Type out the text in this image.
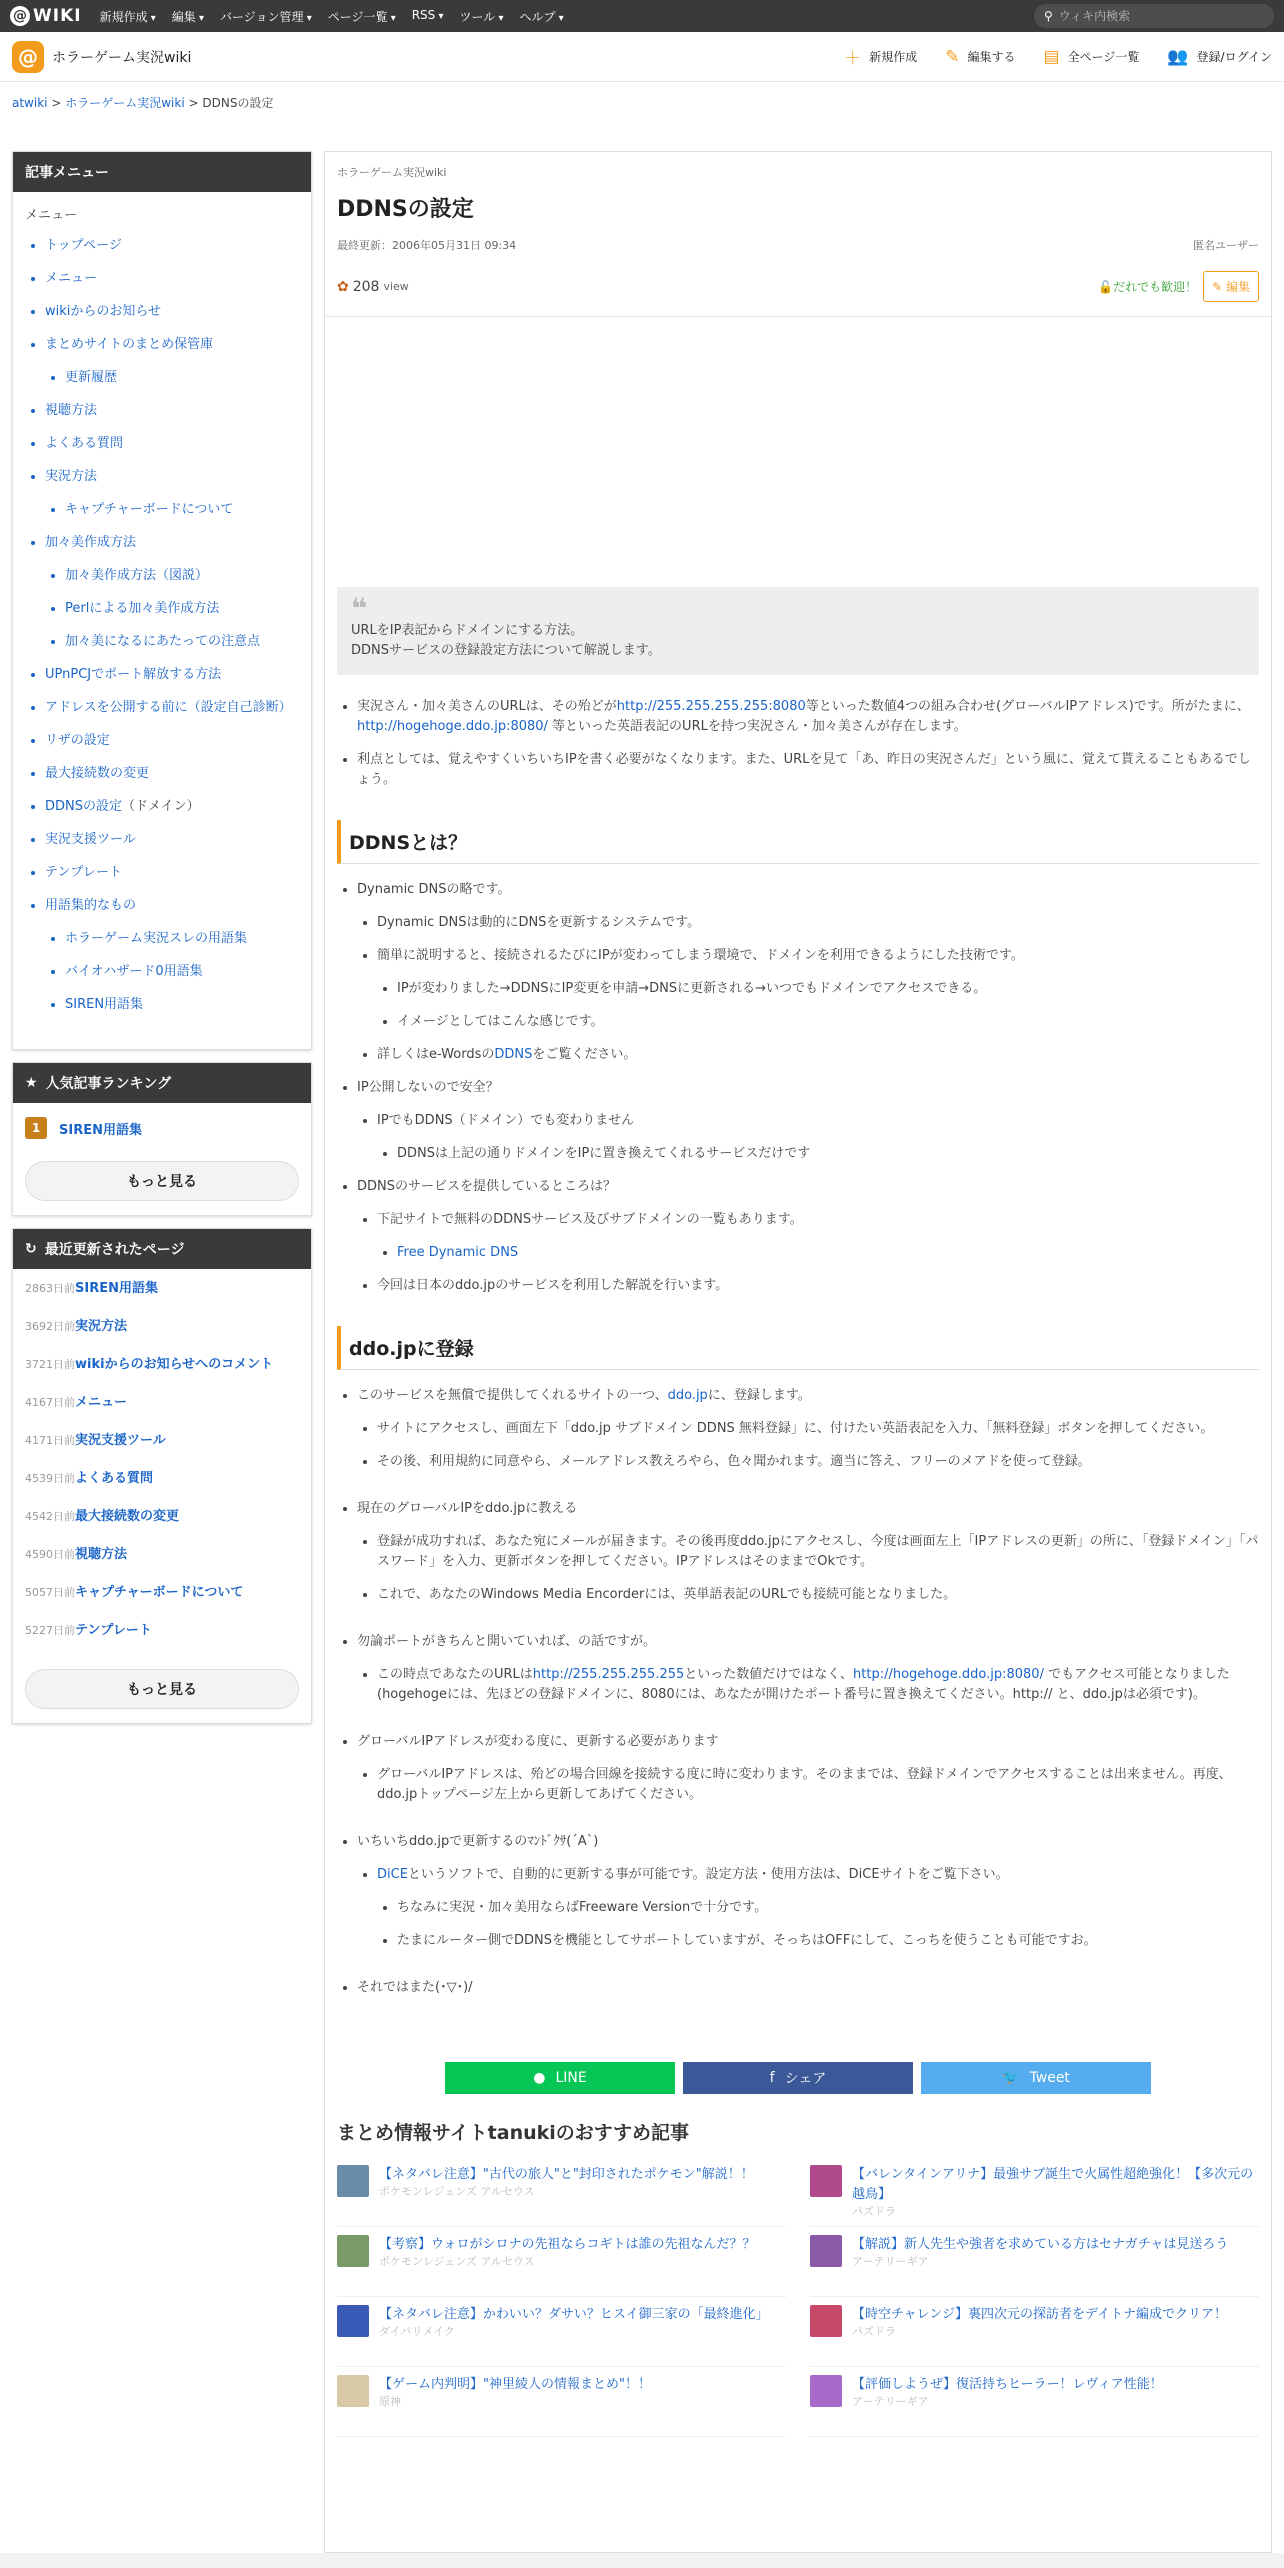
@ WIKI 新規作成 ▾	編集 ▾	バージョン管理 ▾	ページ一覧 ▾	RSS ▾	ツール ▾	ヘルプ ▾	⚲
ウィキ内検索
@	ホラーゲーム実況wiki	＋ 新規作成 ✎ 編集する ▤ 全ページ一覧 👥 登録/ログイン
atwiki > ホラーゲーム実況wiki > DDNSの設定
記事メニュー
メニュー
• トップページ
• メニュー
• wikiからのお知らせ
• まとめサイトのまとめ保管庫
• 更新履歴
• 視聴方法
• よくある質問
• 実況方法
• キャプチャーボードについて
• 加々美作成方法
• 加々美作成方法（図説）
• Perlによる加々美作成方法
• 加々美になるにあたっての注意点
• UPnPCJでポート解放する方法
• アドレスを公開する前に（設定自己診断）
• リザの設定
• 最大接続数の変更
• DDNSの設定（ドメイン）
• 実況支援ツール
• テンプレート
• 用語集的なもの
• ホラーゲーム実況スレの用語集
• バイオハザード0用語集
• SIREN用語集
★ 人気記事ランキング
1	SIREN用語集
もっと見る
↻ 最近更新されたページ
2863日前 SIREN用語集
3692日前 実況方法
3721日前 wikiからのお知らせへのコメント
4167日前 メニュー
4171日前 実況支援ツール
4539日前 よくある質問
4542日前 最大接続数の変更
4590日前 視聴方法
5057日前 キャプチャーボードについて
5227日前 テンプレート
もっと見る
ホラーゲーム実況wiki
DDNSの設定
最終更新：2006年05月31日 09:34	匿名ユーザー
✿ 208 view	🔓だれでも歓迎！	✎ 編集
❝
URLをIP表記からドメインにする方法。
DDNSサービスの登録設定方法について解説します。
• 実況さん・加々美さんのURLは、その殆どがhttp://255.255.255.255:8080等といった数値4つの組み合わせ(グローバルIPアドレス)です。所がたまに、http://hogehoge.ddo.jp:8080/ 等といった英語表記のURLを持つ実況さん・加々美さんが存在します。
• 利点としては、覚えやすくいちいちIPを書く必要がなくなります。また、URLを見て「あ、昨日の実況さんだ」という風に、覚えて貰えることもあるでしょう。
DDNSとは？
• Dynamic DNSの略です。
• Dynamic DNSは動的にDNSを更新するシステムです。
• 簡単に説明すると、接続されるたびにIPが変わってしまう環境で、ドメインを利用できるようにした技術です。
• IPが変わりました→DDNSにIP変更を申請→DNSに更新される→いつでもドメインでアクセスできる。
• イメージとしてはこんな感じです。
• 詳しくはe-WordsのDDNSをご覧ください。
• IP公開しないので安全？
• IPでもDDNS（ドメイン）でも変わりません
• DDNSは上記の通りドメインをIPに置き換えてくれるサービスだけです
• DDNSのサービスを提供しているところは？
• 下記サイトで無料のDDNSサービス及びサブドメインの一覧もあります。
• Free Dynamic DNS
• 今回は日本のddo.jpのサービスを利用した解説を行います。
ddo.jpに登録
• このサービスを無償で提供してくれるサイトの一つ、ddo.jpに、登録します。
• サイトにアクセスし、画面左下「ddo.jp サブドメイン DDNS 無料登録」に、付けたい英語表記を入力、「無料登録」ボタンを押してください。
• その後、利用規約に同意やら、メールアドレス教えろやら、色々聞かれます。適当に答え、フリーのメアドを使って登録。
• 現在のグローバルIPをddo.jpに教える
• 登録が成功すれば、あなた宛にメールが届きます。その後再度ddo.jpにアクセスし、今度は画面左上「IPアドレスの更新」の所に、「登録ドメイン」「パスワード」を入力、更新ボタンを押してください。IPアドレスはそのままでOkです。
• これで、あなたのWindows Media Encorderには、英単語表記のURLでも接続可能となりました。
• 勿論ポートがきちんと開いていれば、の話ですが。
• この時点であなたのURLはhttp://255.255.255.255といった数値だけではなく、http://hogehoge.ddo.jp:8080/ でもアクセス可能となりました(hogehogeには、先ほどの登録ドメインに、8080には、あなたが開けたポート番号に置き換えてください。http:// と、ddo.jpは必須です)。
• グローバルIPアドレスが変わる度に、更新する必要があります
• グローバルIPアドレスは、殆どの場合回線を接続する度に時に変わります。そのままでは、登録ドメインでアクセスすることは出来ません。再度、ddo.jpトップページ左上から更新してあげてください。
• いちいちddo.jpで更新するのﾏﾝﾄﾞｸｻ(´A`)
• DiCEというソフトで、自動的に更新する事が可能です。設定方法・使用方法は、DiCEサイトをご覧下さい。
• ちなみに実況・加々美用ならばFreeware Versionで十分です。
• たまにルーター側でDDNSを機能としてサポートしていますが、そっちはOFFにして、こっちを使うことも可能ですお。
• それではまた(･▽･)/
● LINE	f シェア	🐦 Tweet
まとめ情報サイトtanukiのおすすめ記事
【ネタバレ注意】"古代の旅人"と"封印されたポケモン"解説！！
ポケモンレジェンズ アルセウス
【バレンタインアリナ】最強サブ誕生で火属性超絶強化！【多次元の越鳥】
パズドラ
【考察】ウォロがシロナの先祖ならコギトは誰の先祖なんだ？？
ポケモンレジェンズ アルセウス
【解説】新人先生や強者を求めている方はセナガチャは見送ろう
アーテリーギア
【ネタバレ注意】かわいい？ダサい？ヒスイ御三家の「最終進化」
ダイパリメイク
【時空チャレンジ】裏四次元の探訪者をデイトナ編成でクリア！
パズドラ
【ゲーム内判明】"神里綾人の情報まとめ"！！
原神
【評価しようぜ】復活持ちヒーラー！レヴィア性能！
アーテリーギア
